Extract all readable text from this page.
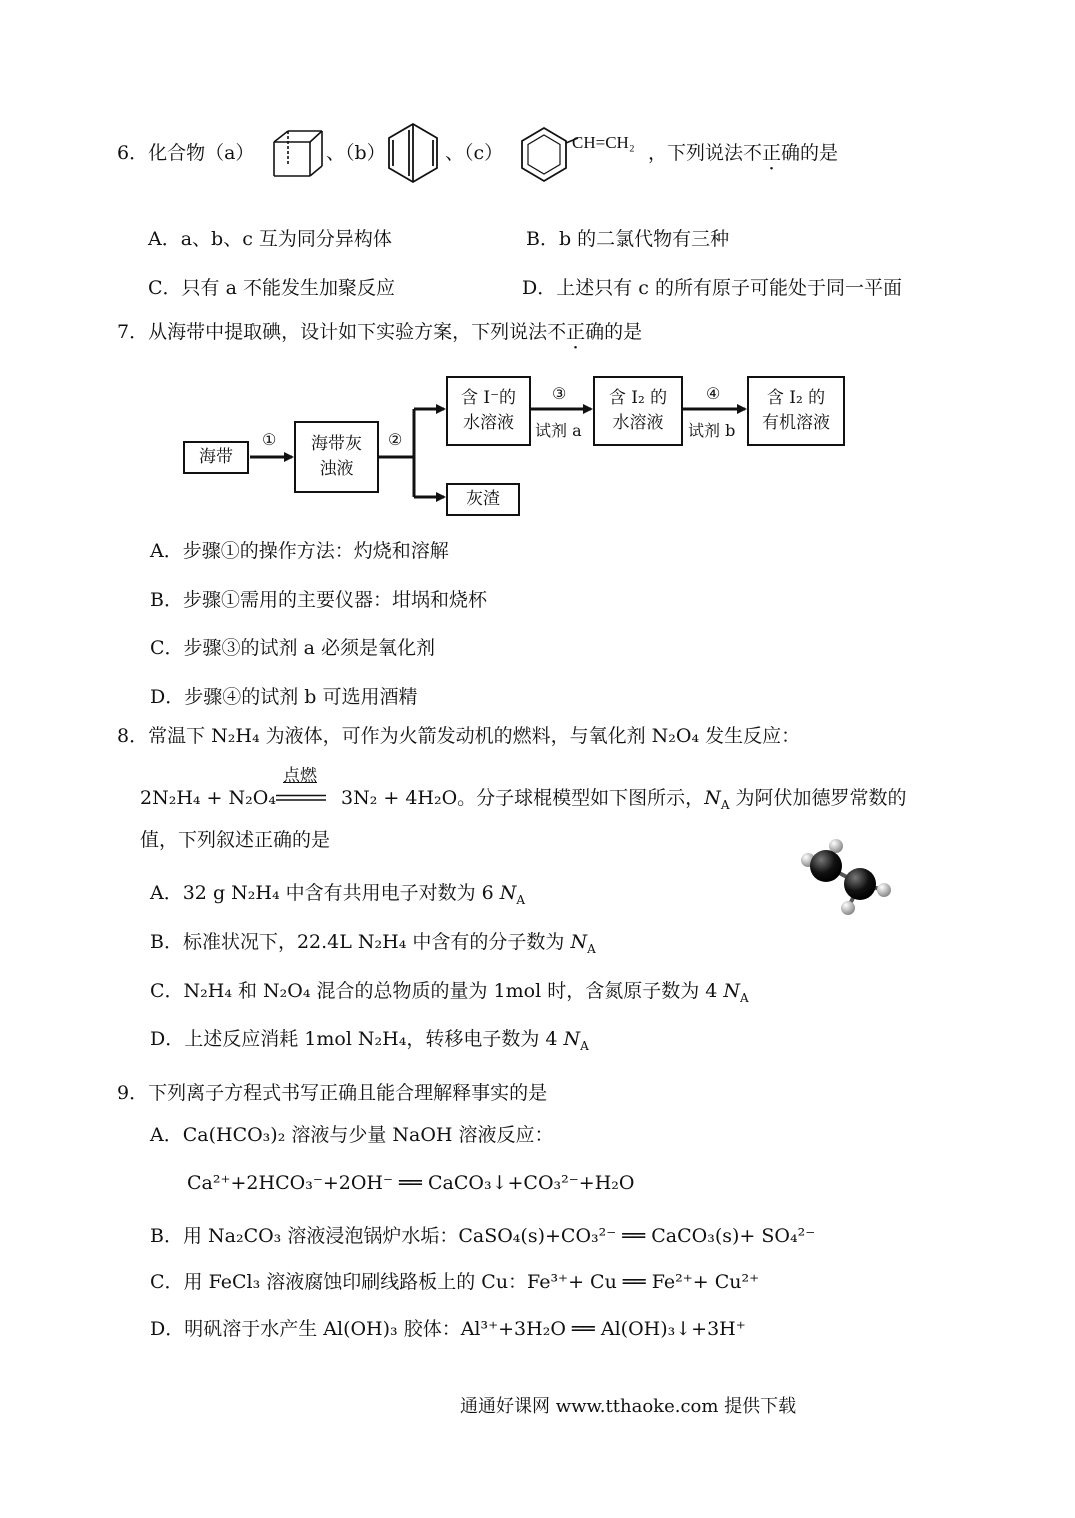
6．化合物（a）	、（b）	、（c）	CH=CH₂ ，下列说法不正确的是
A．a、b、c 互为同分异构体	B．b 的二氯代物有三种
C．只有 a 不能发生加聚反应	D．上述只有 c 的所有原子可能处于同一平面
7．从海带中提取碘，设计如下实验方案，下列说法不正确的是
海带
① 海带灰
浊液
②
含 I⁻的
水溶液
灰渣
③
试剂 a
含 I₂ 的
水溶液
④
试剂 b
含 I₂ 的
有机溶液
A．步骤①的操作方法：灼烧和溶解
B．步骤①需用的主要仪器：坩埚和烧杯
C．步骤③的试剂 a 必须是氧化剂
D．步骤④的试剂 b 可选用酒精
8．常温下 N₂H₄ 为液体，可作为火箭发动机的燃料，与氧化剂 N₂O₄ 发生反应：
2N₂H₄ + N₂O₄
点燃
3N₂ + 4H₂O。分子球棍模型如下图所示，$N_A$ 为阿伏加德罗常数的
值，下列叙述正确的是
A．32 g N₂H₄ 中含有共用电子对数为 6 $N_A$
B．标准状况下，22.4L N₂H₄ 中含有的分子数为 $N_A$
C．N₂H₄ 和 N₂O₄ 混合的总物质的量为 1mol 时，含氮原子数为 4 $N_A$
D．上述反应消耗 1mol N₂H₄，转移电子数为 4 $N_A$
9．下列离子方程式书写正确且能合理解释事实的是
A．Ca(HCO₃)₂ 溶液与少量 NaOH 溶液反应：
Ca²⁺+2HCO₃⁻+2OH⁻ ══ CaCO₃↓+CO₃²⁻+H₂O
B．用 Na₂CO₃ 溶液浸泡锅炉水垢：CaSO₄(s)+CO₃²⁻ ══ CaCO₃(s)+ SO₄²⁻
C．用 FeCl₃ 溶液腐蚀印刷线路板上的 Cu：Fe³⁺+ Cu ══ Fe²⁺+ Cu²⁺
D．明矾溶于水产生 Al(OH)₃ 胶体：Al³⁺+3H₂O ══ Al(OH)₃↓+3H⁺
通通好课网 www.tthaoke.com 提供下载
